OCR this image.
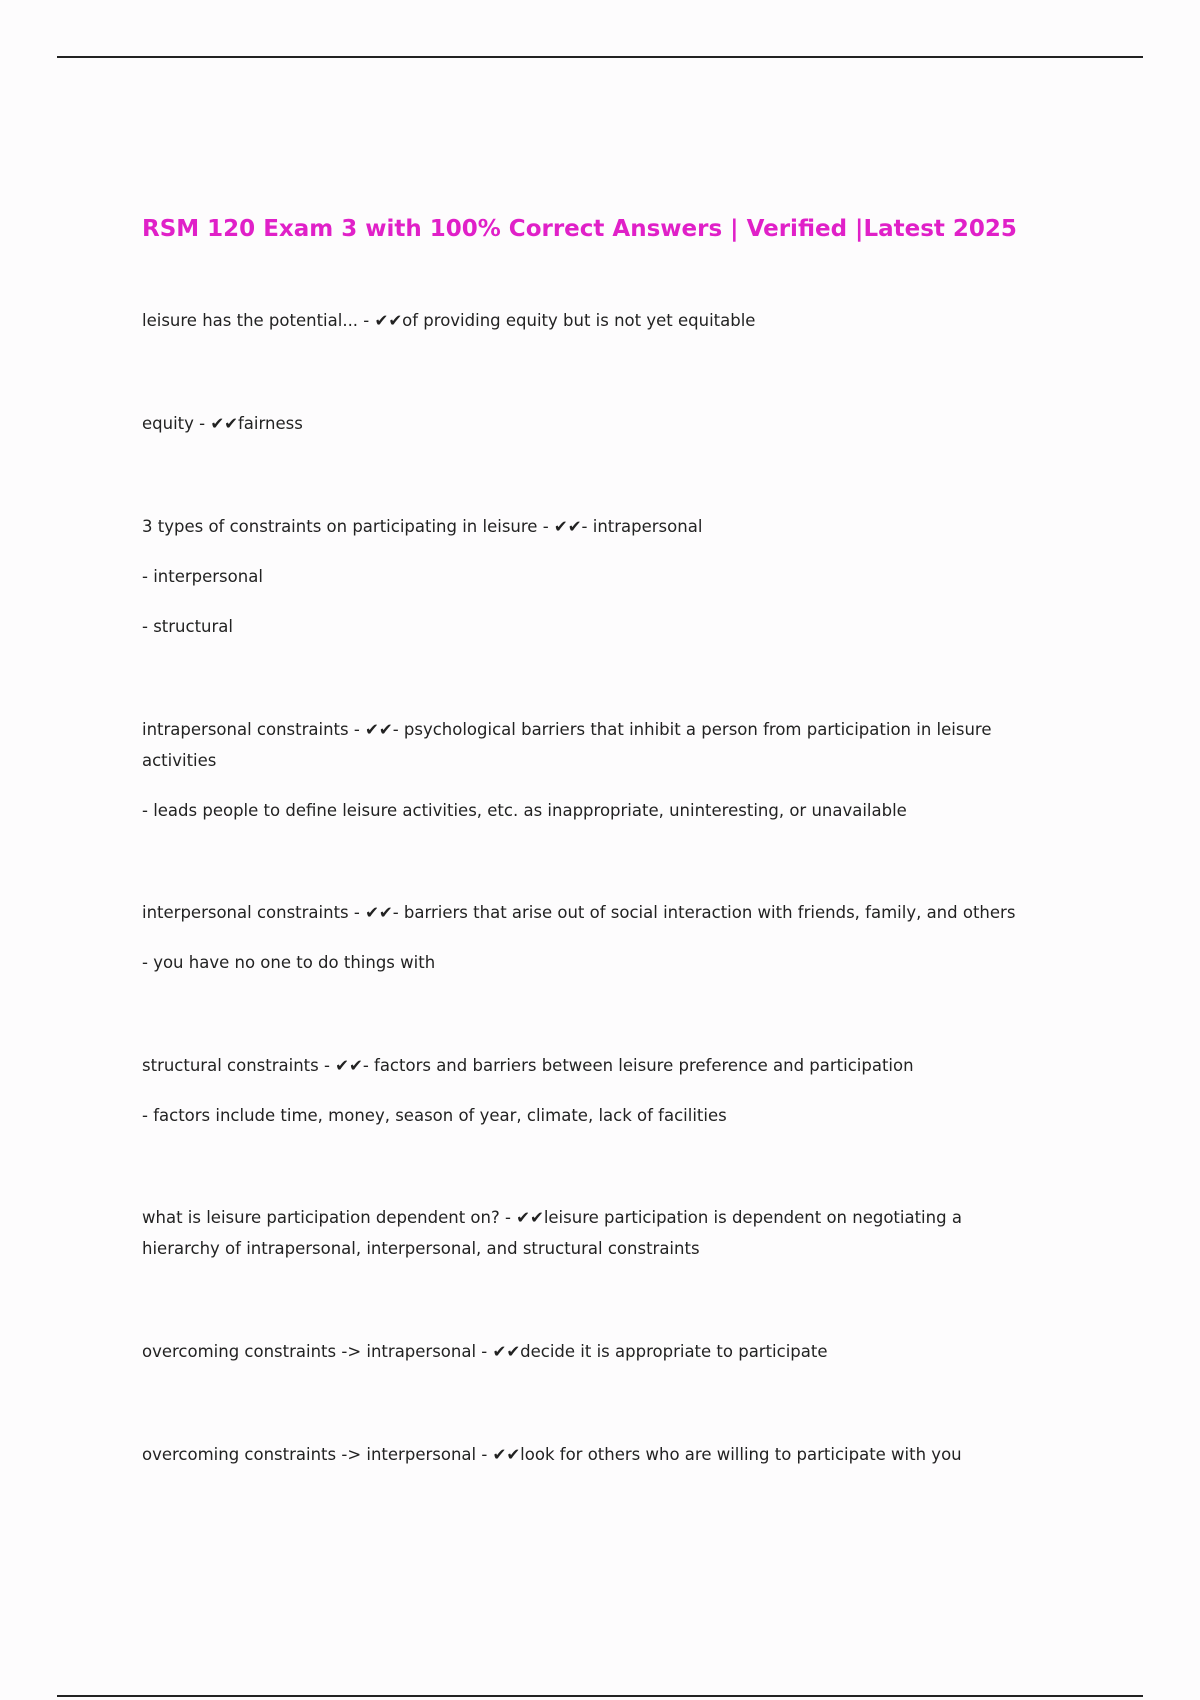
RSM 120 Exam 3 with 100% Correct Answers | Verified |Latest 2025
leisure has the potential... - ✔✔of providing equity but is not yet equitable
equity - ✔✔fairness
3 types of constraints on participating in leisure - ✔✔- intrapersonal
- interpersonal
- structural
intrapersonal constraints - ✔✔- psychological barriers that inhibit a person from participation in leisure activities
- leads people to define leisure activities, etc. as inappropriate, uninteresting, or unavailable
interpersonal constraints - ✔✔- barriers that arise out of social interaction with friends, family, and others
- you have no one to do things with
structural constraints - ✔✔- factors and barriers between leisure preference and participation
- factors include time, money, season of year, climate, lack of facilities
what is leisure participation dependent on? - ✔✔leisure participation is dependent on negotiating a hierarchy of intrapersonal, interpersonal, and structural constraints
overcoming constraints -> intrapersonal - ✔✔decide it is appropriate to participate
overcoming constraints -> interpersonal - ✔✔look for others who are willing to participate with you
